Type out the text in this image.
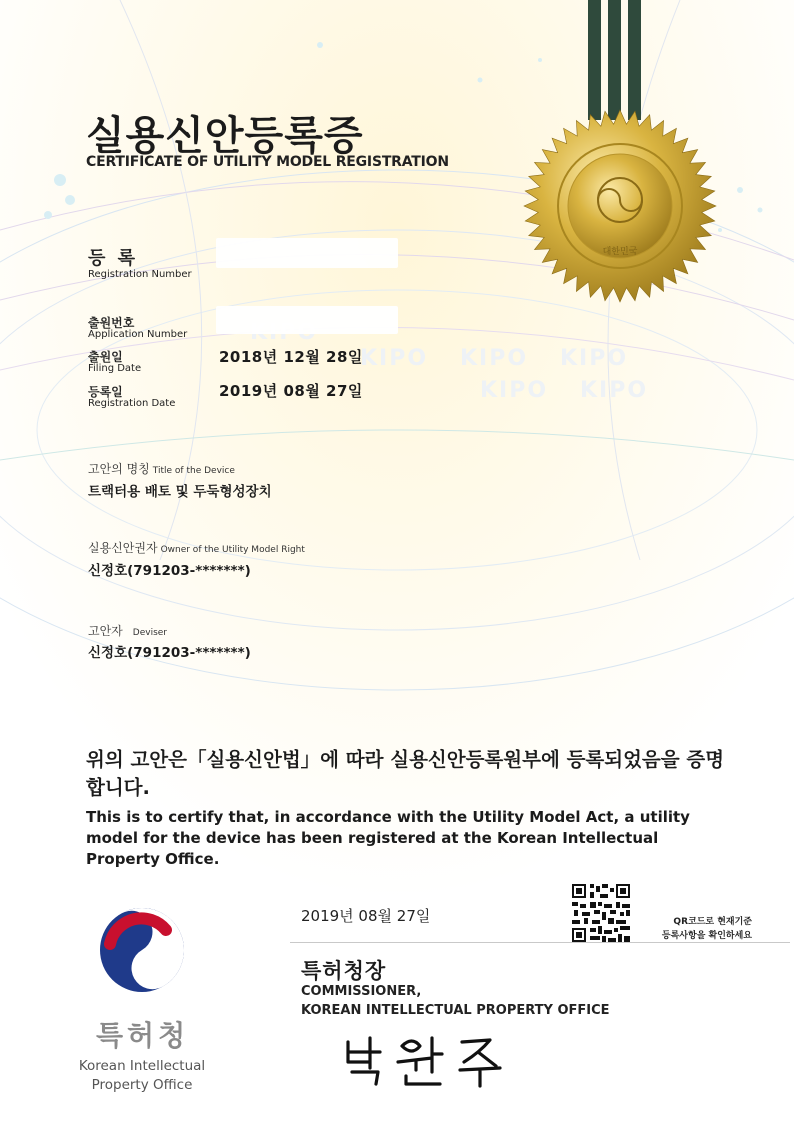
KIPO KIPO KIPO
KIPO KIPO
대한민국
실용신안등록증
CERTIFICATE OF UTILITY MODEL REGISTRATION
등 록
Registration Number
출원번호
Application Number
출원일
Filing Date
2018년 12월 28일
등록일
Registration Date
2019년 08월 27일
고안의 명칭 Title of the Device
트랙터용 배토 및 두둑형성장치
실용신안권자 Owner of the Utility Model Right
신정호(791203-*******)
고안자 Deviser
신정호(791203-*******)
위의 고안은「실용신안법」에 따라 실용신안등록원부에 등록되었음을 증명합니다.
This is to certify that, in accordance with the Utility Model Act, a utility model for the device has been registered at the Korean Intellectual Property Office.
특허청
Korean Intellectual Property Office
2019년 08월 27일
특허청장
COMMISSIONER,
KOREAN INTELLECTUAL PROPERTY OFFICE
QR코드로 현재기준
등록사항을 확인하세요
